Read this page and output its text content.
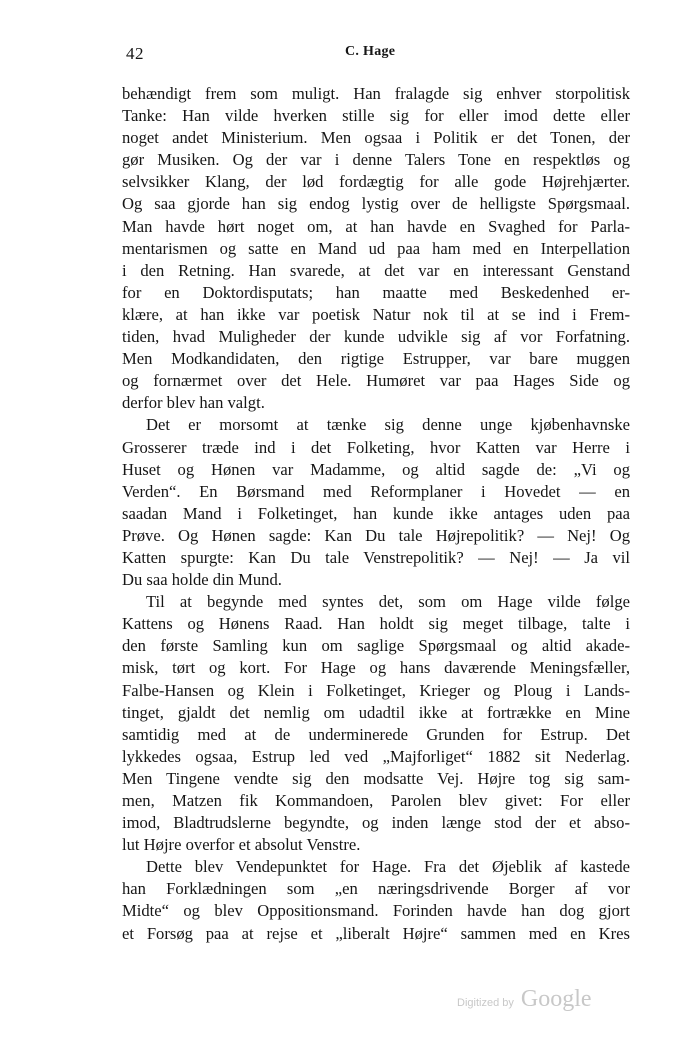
42	C. Hage
behændigt frem som muligt. Han fralagde sig enhver storpolitisk
Tanke: Han vilde hverken stille sig for eller imod dette eller
noget andet Ministerium. Men ogsaa i Politik er det Tonen, der
gør Musiken. Og der var i denne Talers Tone en respektløs og
selvsikker Klang, der lød fordægtig for alle gode Højrehjærter.
Og saa gjorde han sig endog lystig over de helligste Spørgsmaal.
Man havde hørt noget om, at han havde en Svaghed for Parla-
mentarismen og satte en Mand ud paa ham med en Interpellation
i den Retning. Han svarede, at det var en interessant Genstand
for en Doktordisputats; han maatte med Beskedenhed er-
klære, at han ikke var poetisk Natur nok til at se ind i Frem-
tiden, hvad Muligheder der kunde udvikle sig af vor Forfatning.
Men Modkandidaten, den rigtige Estrupper, var bare muggen
og fornærmet over det Hele. Humøret var paa Hages Side og
derfor blev han valgt.
Det er morsomt at tænke sig denne unge kjøbenhavnske
Grosserer træde ind i det Folketing, hvor Katten var Herre i
Huset og Hønen var Madamme, og altid sagde de: „Vi og
Verden“. En Børsmand med Reformplaner i Hovedet — en
saadan Mand i Folketinget, han kunde ikke antages uden paa
Prøve. Og Hønen sagde: Kan Du tale Højrepolitik? — Nej! Og
Katten spurgte: Kan Du tale Venstrepolitik? — Nej! — Ja vil
Du saa holde din Mund.
Til at begynde med syntes det, som om Hage vilde følge
Kattens og Hønens Raad. Han holdt sig meget tilbage, talte i
den første Samling kun om saglige Spørgsmaal og altid akade-
misk, tørt og kort. For Hage og hans daværende Meningsfæller,
Falbe-Hansen og Klein i Folketinget, Krieger og Ploug i Lands-
tinget, gjaldt det nemlig om udadtil ikke at fortrække en Mine
samtidig med at de underminerede Grunden for Estrup. Det
lykkedes ogsaa, Estrup led ved „Majforliget“ 1882 sit Nederlag.
Men Tingene vendte sig den modsatte Vej. Højre tog sig sam-
men, Matzen fik Kommandoen, Parolen blev givet: For eller
imod, Bladtrudslerne begyndte, og inden længe stod der et abso-
lut Højre overfor et absolut Venstre.
Dette blev Vendepunktet for Hage. Fra det Øjeblik af kastede
han Forklædningen som „en næringsdrivende Borger af vor
Midte“ og blev Oppositionsmand. Forinden havde han dog gjort
et Forsøg paa at rejse et „liberalt Højre“ sammen med en Kres
Digitized by Google
